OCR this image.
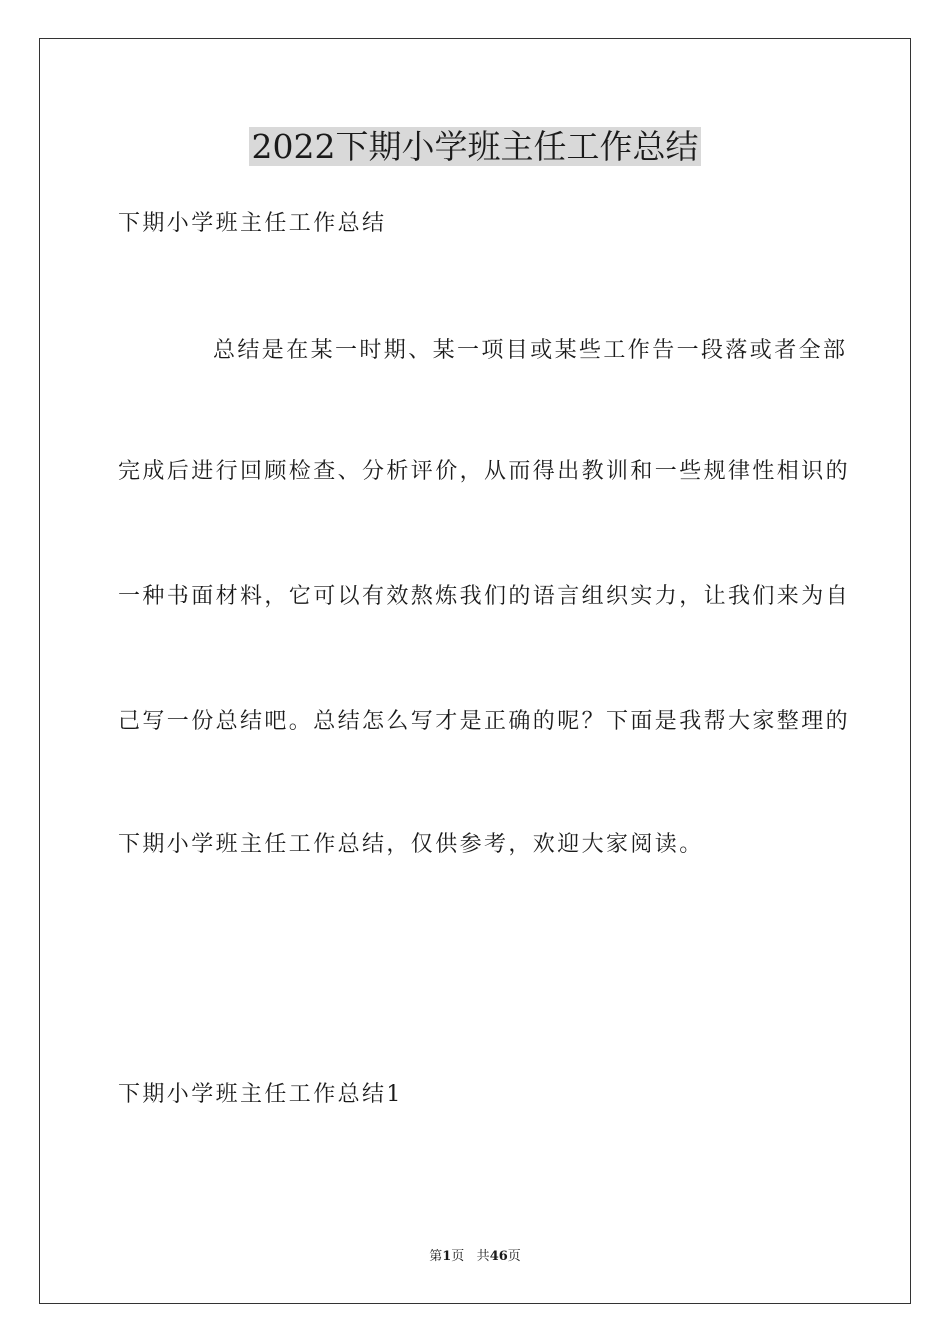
2022下期小学班主任工作总结

下期小学班主任工作总结

总结是在某一时期、某一项目或某些工作告一段落或者全部

完成后进行回顾检查、分析评价，从而得出教训和一些规律性相识的

一种书面材料，它可以有效熬炼我们的语言组织实力，让我们来为自

己写一份总结吧。总结怎么写才是正确的呢？下面是我帮大家整理的

下期小学班主任工作总结，仅供参考，欢迎大家阅读。

下期小学班主任工作总结1

第1页 共46页
